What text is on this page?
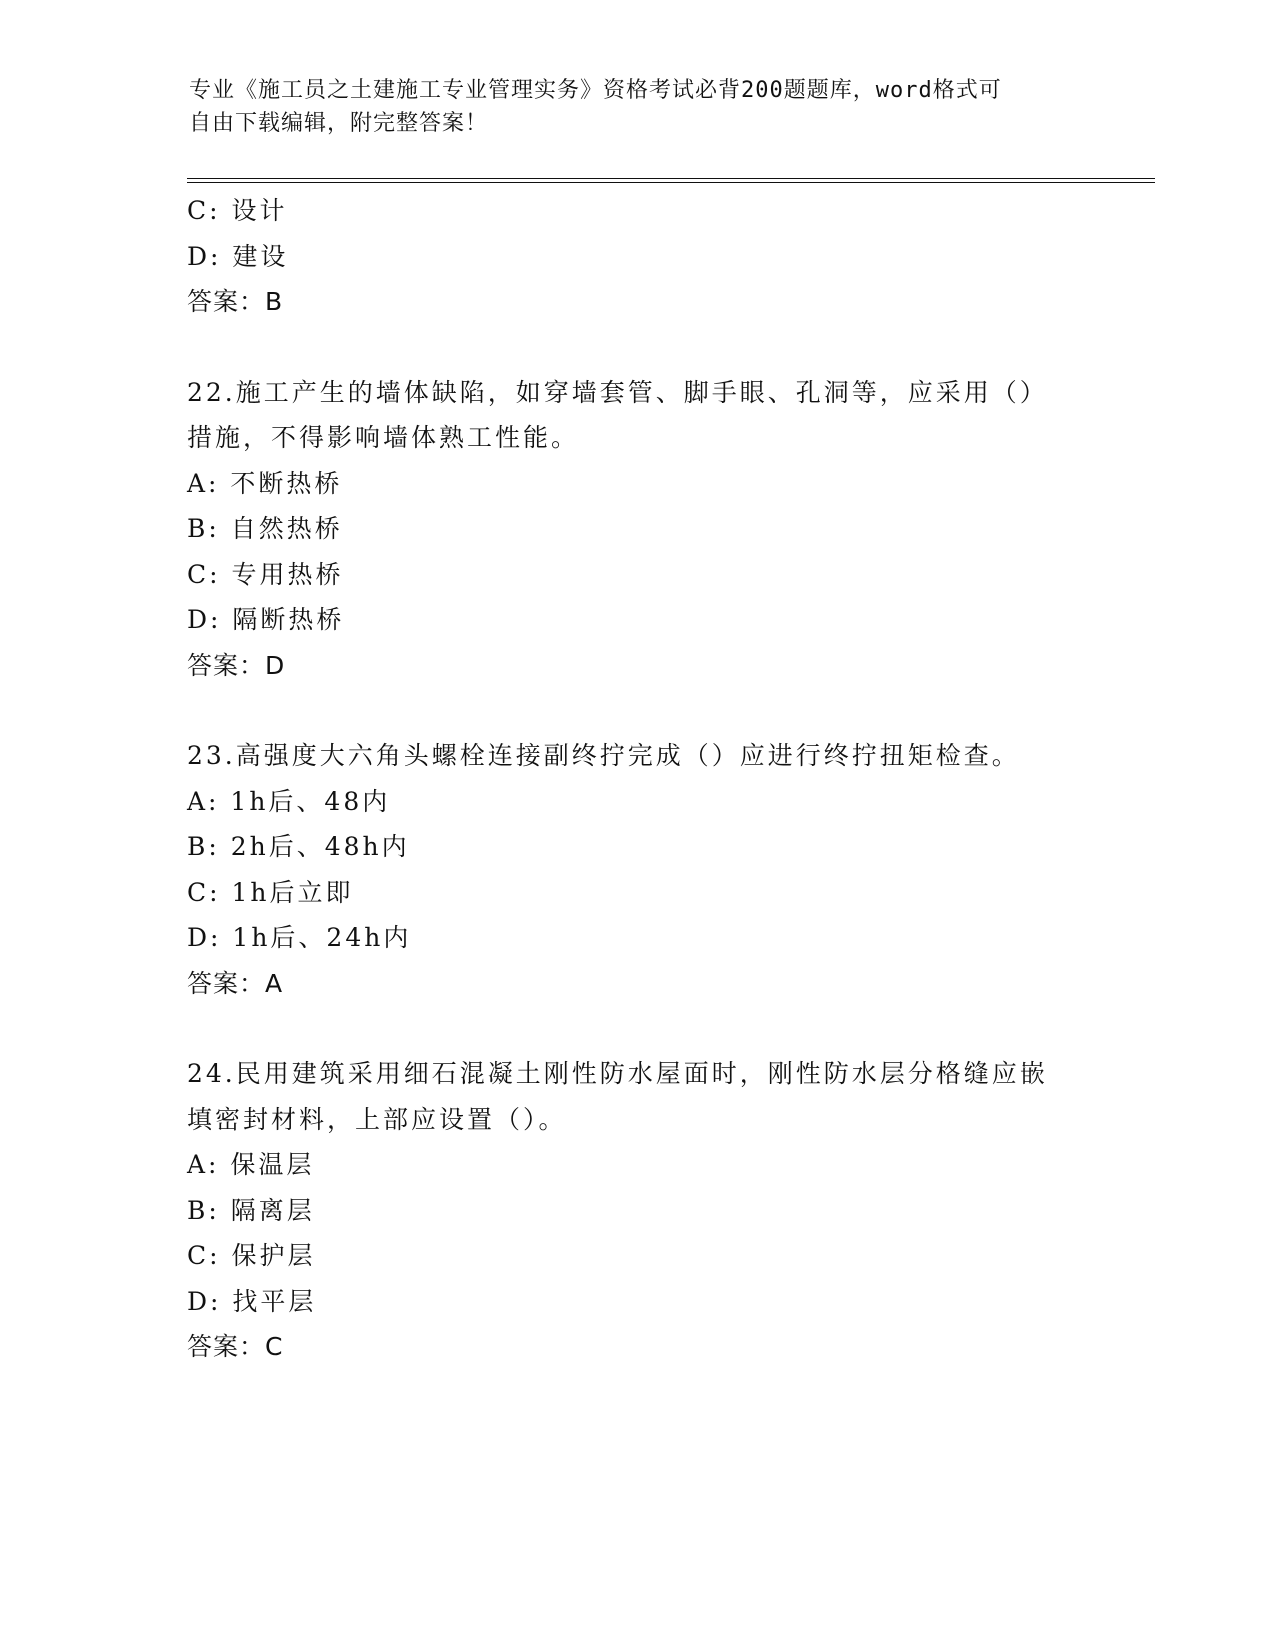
专业《施工员之土建施工专业管理实务》资格考试必背200题题库，word格式可
自由下载编辑，附完整答案！
C: 设计
D: 建设
答案：B
22.施工产生的墙体缺陷，如穿墙套管、脚手眼、孔洞等，应采用（）
措施，不得影响墙体熟工性能。
A: 不断热桥
B: 自然热桥
C: 专用热桥
D: 隔断热桥
答案：D
23.高强度大六角头螺栓连接副终拧完成（）应进行终拧扭矩检查。
A: 1h后、48内
B: 2h后、48h内
C: 1h后立即
D: 1h后、24h内
答案：A
24.民用建筑采用细石混凝土刚性防水屋面时，刚性防水层分格缝应嵌
填密封材料，上部应设置（）。
A: 保温层
B: 隔离层
C: 保护层
D: 找平层
答案：C
